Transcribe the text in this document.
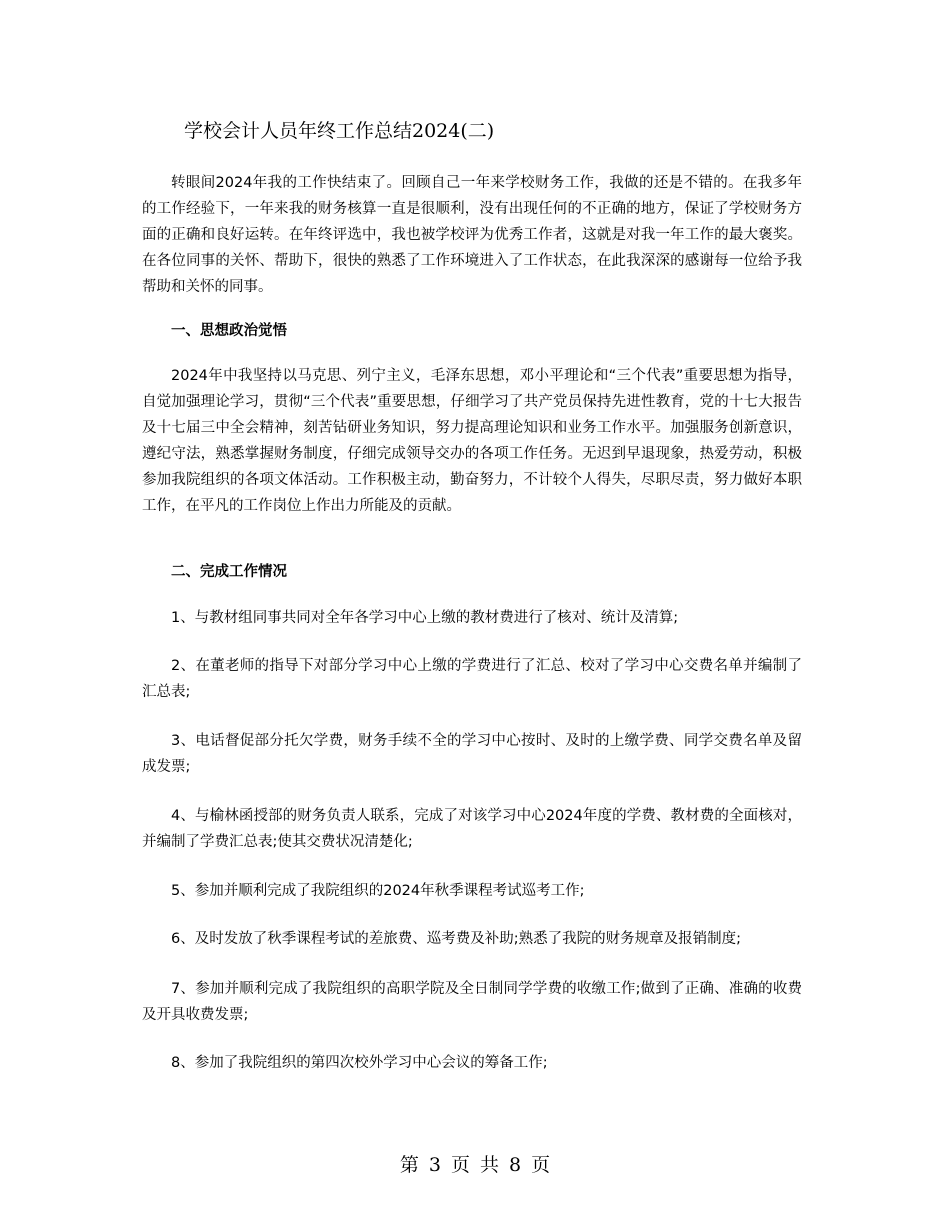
学校会计人员年终工作总结2024(二)

转眼间2024年我的工作快结束了。回顾自己一年来学校财务工作，我做的还是不错的。在我多年的工作经验下，一年来我的财务核算一直是很顺利，没有出现任何的不正确的地方，保证了学校财务方面的正确和良好运转。在年终评选中，我也被学校评为优秀工作者，这就是对我一年工作的最大褒奖。在各位同事的关怀、帮助下，很快的熟悉了工作环境进入了工作状态，在此我深深的感谢每一位给予我帮助和关怀的同事。

一、思想政治觉悟

2024年中我坚持以马克思、列宁主义，毛泽东思想，邓小平理论和“三个代表”重要思想为指导，自觉加强理论学习，贯彻“三个代表”重要思想，仔细学习了共产党员保持先进性教育，党的十七大报告及十七届三中全会精神，刻苦钻研业务知识，努力提高理论知识和业务工作水平。加强服务创新意识，遵纪守法，熟悉掌握财务制度，仔细完成领导交办的各项工作任务。无迟到早退现象，热爱劳动，积极参加我院组织的各项文体活动。工作积极主动，勤奋努力，不计较个人得失，尽职尽责，努力做好本职工作，在平凡的工作岗位上作出力所能及的贡献。

二、完成工作情况

1、与教材组同事共同对全年各学习中心上缴的教材费进行了核对、统计及清算;

2、在董老师的指导下对部分学习中心上缴的学费进行了汇总、校对了学习中心交费名单并编制了汇总表;

3、电话督促部分托欠学费，财务手续不全的学习中心按时、及时的上缴学费、同学交费名单及留成发票;

4、与榆林函授部的财务负责人联系，完成了对该学习中心2024年度的学费、教材费的全面核对，并编制了学费汇总表;使其交费状况清楚化;

5、参加并顺利完成了我院组织的2024年秋季课程考试巡考工作;

6、及时发放了秋季课程考试的差旅费、巡考费及补助;熟悉了我院的财务规章及报销制度;

7、参加并顺利完成了我院组织的高职学院及全日制同学学费的收缴工作;做到了正确、准确的收费及开具收费发票;

8、参加了我院组织的第四次校外学习中心会议的筹备工作;

第 3 页 共 8 页
